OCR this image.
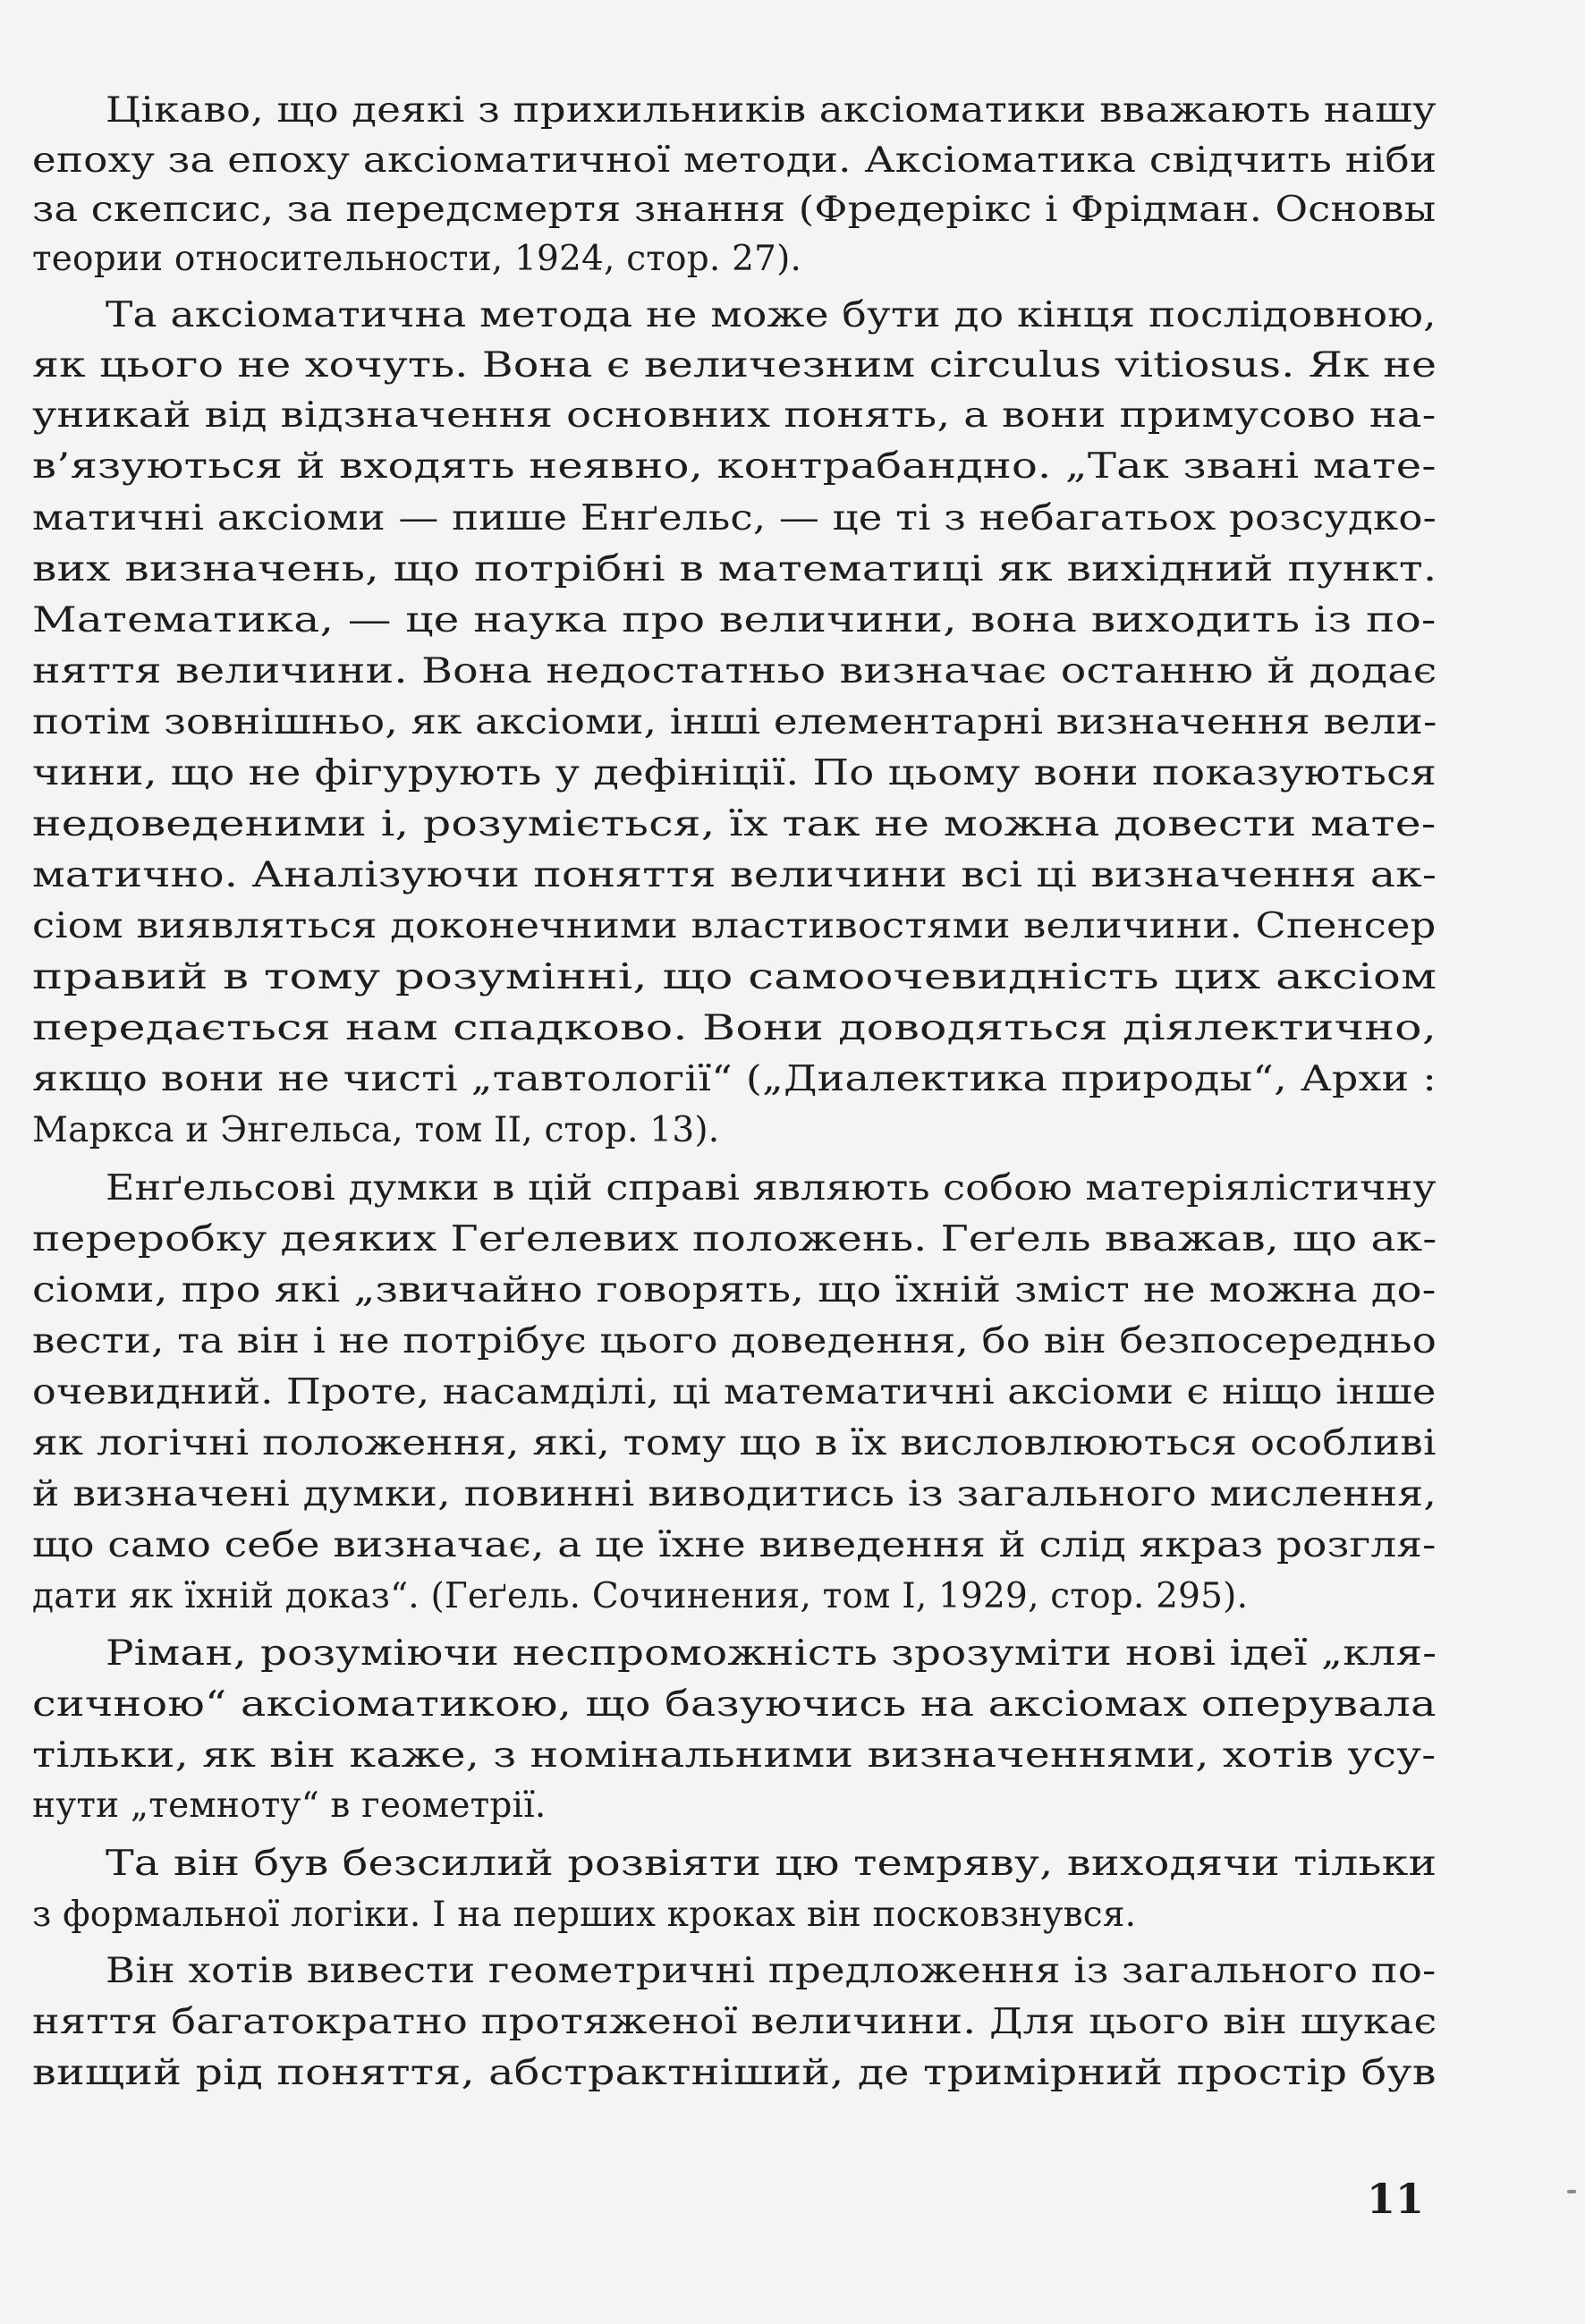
Цікаво, що деякі з прихильників аксіоматики вважають нашу
епоху за епоху аксіоматичної методи. Аксіоматика свідчить ніби
за скепсис, за передсмертя знання (Фредерікс і Фрідман. Основы
теории относительности, 1924, стор. 27).
Та аксіоматична метода не може бути до кінця послідовною,
як цього не хочуть. Вона є величезним circulus vitiosus. Як не
уникай від відзначення основних понять, а вони примусово на-
в’язуються й входять неявно, контрабандно. „Так звані мате-
матичні аксіоми — пише Енґельс, — це ті з небагатьох розсудко-
вих визначень, що потрібні в математиці як вихідний пункт.
Математика, — це наука про величини, вона виходить із по-
няття величини. Вона недостатньо визначає останню й додає
потім зовнішньо, як аксіоми, інші елементарні визначення вели-
чини, що не фігурують у дефініції. По цьому вони показуються
недоведеними і, розуміється, їх так не можна довести мате-
матично. Аналізуючи поняття величини всі ці визначення ак-
сіом виявляться доконечними властивостями величини. Спенсер
правий в тому розумінні, що самоочевидність цих аксіом
передається нам спадково. Вони доводяться діялектично,
якщо вони не чисті „тавтології“ („Диалектика природы“, Архи :
Маркса и Энгельса, том II, стор. 13).
Енґельсові думки в цій справі являють собою матеріялістичну
переробку деяких Геґелевих положень. Геґель вважав, що ак-
сіоми, про які „звичайно говорять, що їхній зміст не можна до-
вести, та він і не потрібує цього доведення, бо він безпосередньо
очевидний. Проте, насамділі, ці математичні аксіоми є ніщо інше
як логічні положення, які, тому що в їх висловлюються особливі
й визначені думки, повинні виводитись із загального мислення,
що само себе визначає, а це їхне виведення й слід якраз розгля-
дати як їхній доказ“. (Геґель. Сочинения, том I, 1929, стор. 295).
Ріман, розуміючи неспроможність зрозуміти нові ідеї „кля-
сичною“ аксіоматикою, що базуючись на аксіомах оперувала
тільки, як він каже, з номінальними визначеннями, хотів усу-
нути „темноту“ в геометрії.
Та він був безсилий розвіяти цю темряву, виходячи тільки
з формальної логіки. І на перших кроках він посковзнувся.
Він хотів вивести геометричні предложення із загального по-
няття багатократно протяженої величини. Для цього він шукає
вищий рід поняття, абстрактніший, де тримірний простір був
11
